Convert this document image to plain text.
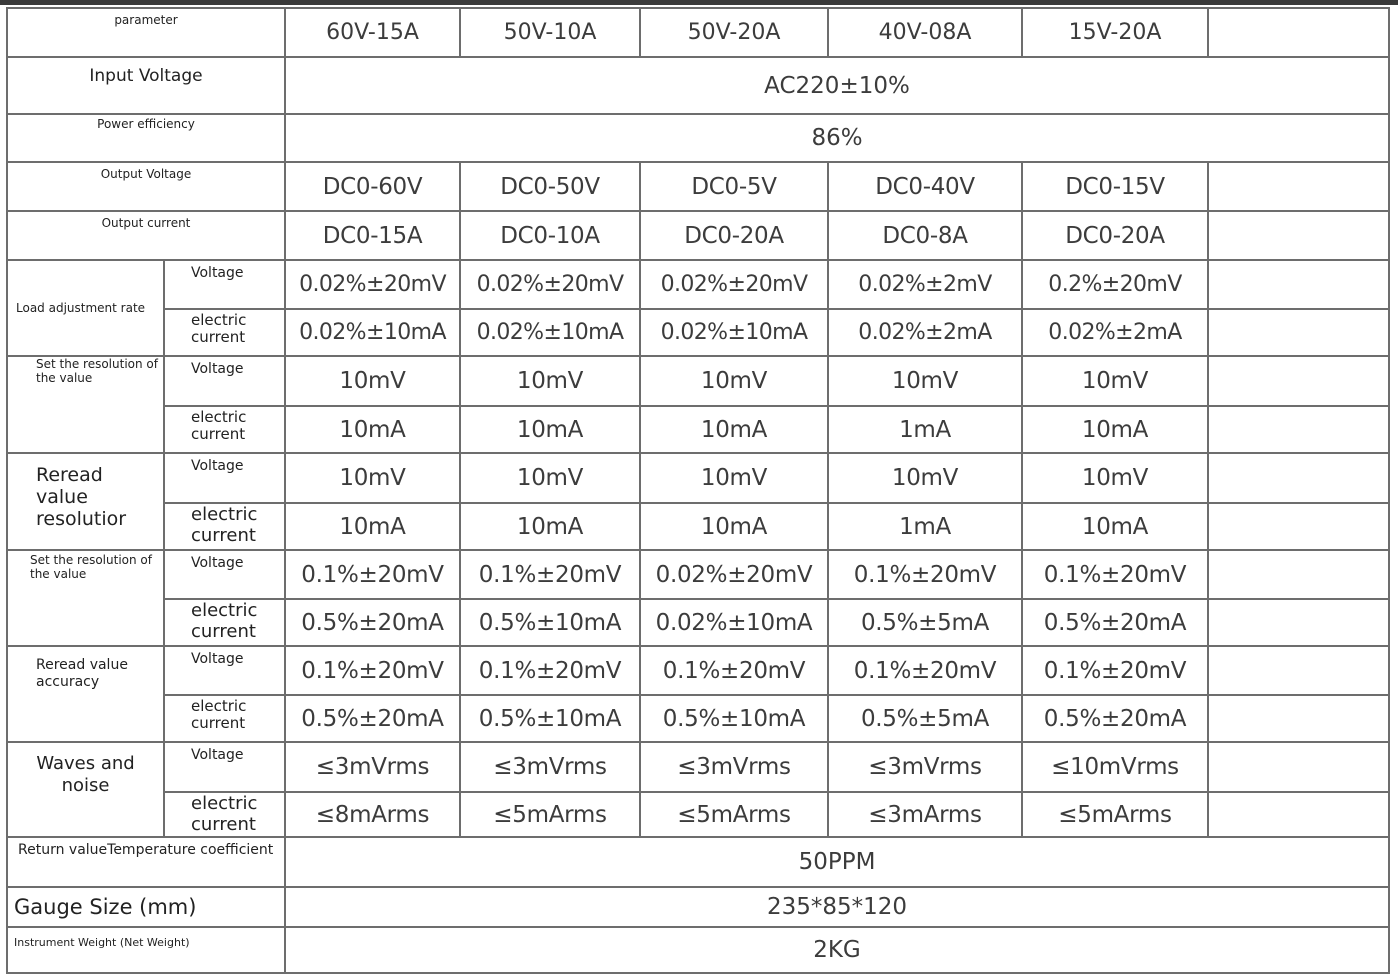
parameter		60V-15A	50V-10A	50V-20A	40V-08A	15V-20A	
Input Voltage		AC220±10%					
Power efficiency		86%					
Output Voltage		DC0-60V	DC0-50V	DC0-5V	DC0-40V	DC0-15V	
Output current		DC0-15A	DC0-10A	DC0-20A	DC0-8A	DC0-20A	
Load adjustment rate	Voltage	0.02%±20mV	0.02%±20mV	0.02%±20mV	0.02%±2mV	0.2%±20mV	
	electric current	0.02%±10mA	0.02%±10mA	0.02%±10mA	0.02%±2mA	0.02%±2mA	
Set the resolution of the value	Voltage	10mV	10mV	10mV	10mV	10mV	
	electric current	10mA	10mA	10mA	1mA	10mA	
Reread value resolutior	Voltage	10mV	10mV	10mV	10mV	10mV	
	electric current	10mA	10mA	10mA	1mA	10mA	
Set the resolution of the value	Voltage	0.1%±20mV	0.1%±20mV	0.02%±20mV	0.1%±20mV	0.1%±20mV	
	electric current	0.5%±20mA	0.5%±10mA	0.02%±10mA	0.5%±5mA	0.5%±20mA	
Reread value accuracy	Voltage	0.1%±20mV	0.1%±20mV	0.1%±20mV	0.1%±20mV	0.1%±20mV	
	electric current	0.5%±20mA	0.5%±10mA	0.5%±10mA	0.5%±5mA	0.5%±20mA	
Waves and noise	Voltage	≤3mVrms	≤3mVrms	≤3mVrms	≤3mVrms	≤10mVrms	
	electric current	≤8mArms	≤5mArms	≤5mArms	≤3mArms	≤5mArms	
Return valueTemperature coefficient		50PPM					
Gauge Size (mm)		235*85*120					
Instrument Weight (Net Weight)		2KG					
